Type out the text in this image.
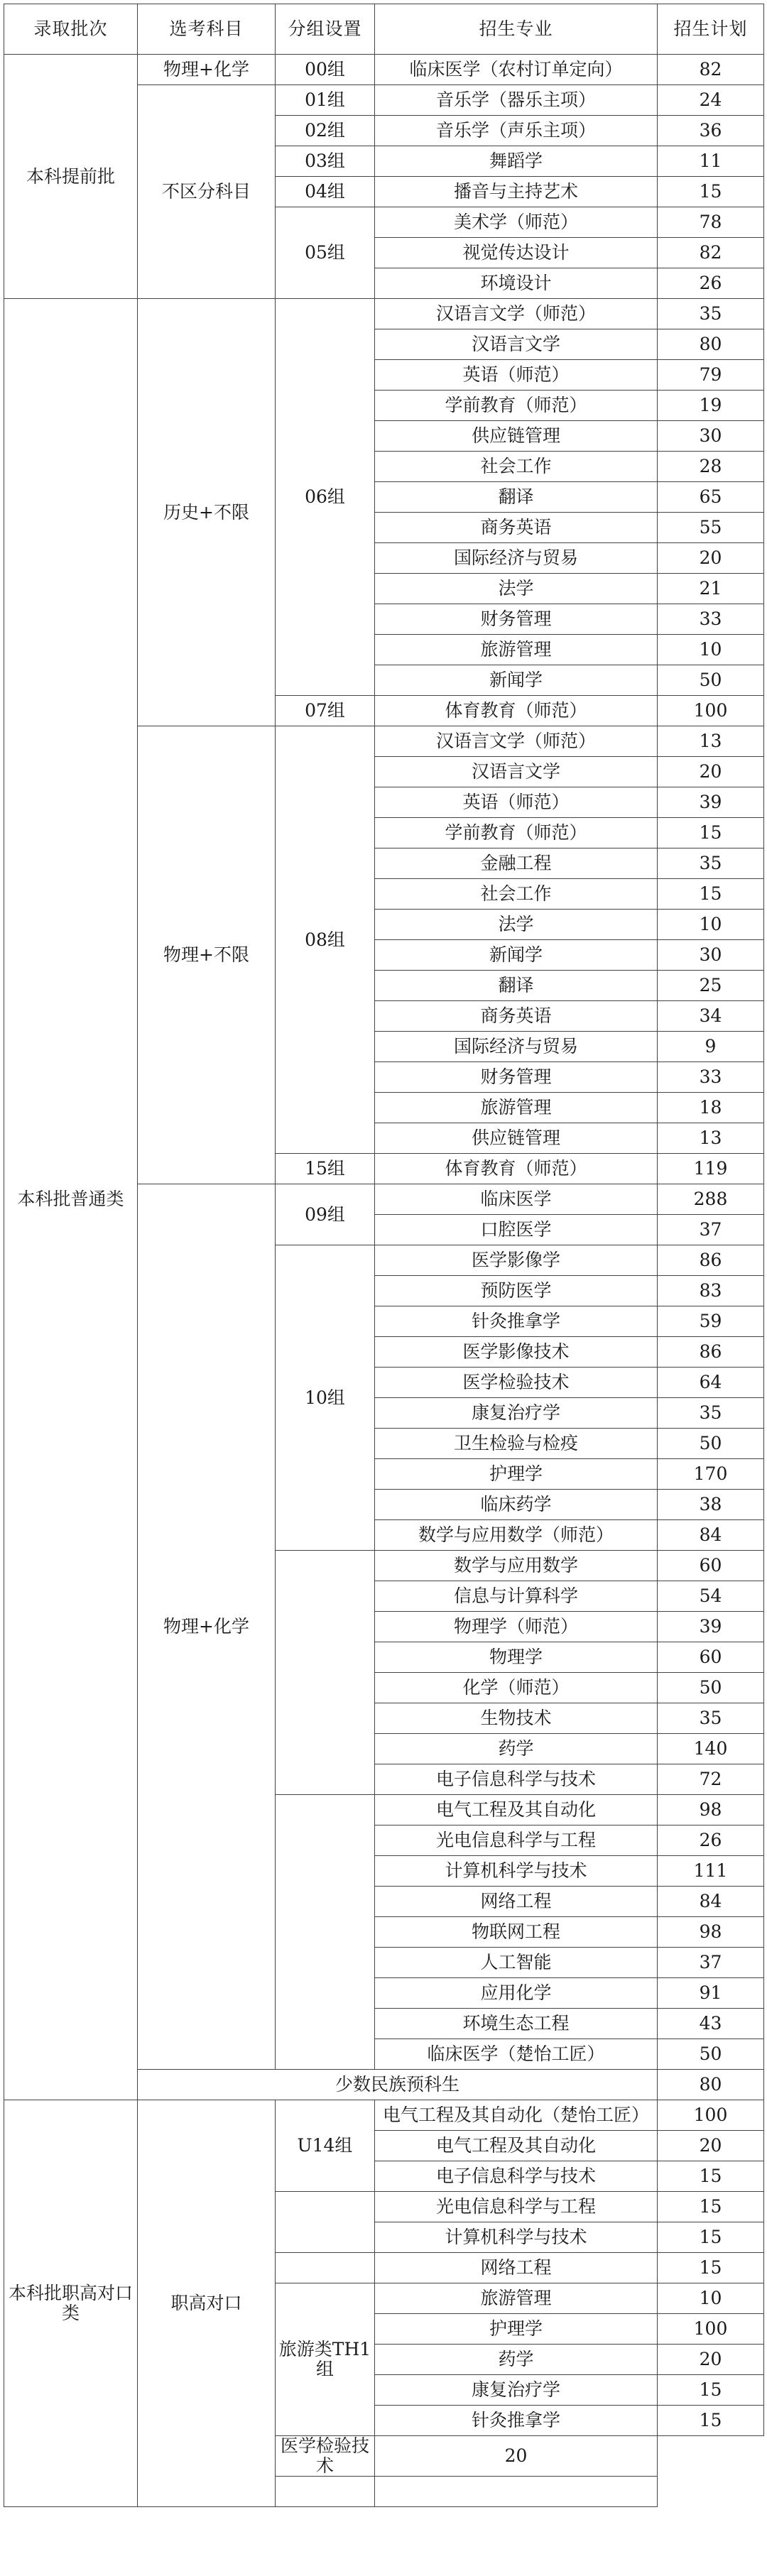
录取批次	选考科目	分组设置	招生专业	招生计划
本科提前批	物理+化学	00组	临床医学（农村订单定向）	82
	不区分科目	01组	音乐学（器乐主项）	24
		02组	音乐学（声乐主项）	36
		03组	舞蹈学	11
		04组	播音与主持艺术	15
		05组	美术学（师范）	78
			视觉传达设计	82
			环境设计	26
本科批普通类	历史+不限	06组	汉语言文学（师范）	35
			汉语言文学	80
			英语（师范）	79
			学前教育（师范）	19
			供应链管理	30
			社会工作	28
			翻译	65
			商务英语	55
			国际经济与贸易	20
			法学	21
			财务管理	33
			旅游管理	10
			新闻学	50
		07组	体育教育（师范）	100
	物理+不限	08组	汉语言文学（师范）	13
			汉语言文学	20
			英语（师范）	39
			学前教育（师范）	15
			金融工程	35
			社会工作	15
			法学	10
			新闻学	30
			翻译	25
			商务英语	34
			国际经济与贸易	9
			财务管理	33
			旅游管理	18
			供应链管理	13
		15组	体育教育（师范）	119
	物理+化学	09组	临床医学	288
			口腔医学	37
		10组	医学影像学	86
			预防医学	83
			针灸推拿学	59
			医学影像技术	86
			医学检验技术	64
			康复治疗学	35
			卫生检验与检疫	50
			护理学	170
			临床药学	38
			数学与应用数学（师范）	84
			数学与应用数学	60
			信息与计算科学	54
			物理学（师范）	39
			物理学	60
			化学（师范）	50
			生物技术	35
			药学	140
			电子信息科学与技术	72
			电气工程及其自动化	98
			光电信息科学与工程	26
			计算机科学与技术	111
			网络工程	84
			物联网工程	98
			人工智能	37
			应用化学	91
			环境生态工程	43
			临床医学（楚怡工匠）	50
	少数民族预科生			80
本科批职高对口类	职高对口	U14组	电气工程及其自动化（楚怡工匠）	100
			电气工程及其自动化	20
			电子信息科学与技术	15
			光电信息科学与工程	15
			计算机科学与技术	15
			网络工程	15
		旅游类TH1组	旅游管理	10
			护理学	100
			药学	20
			康复治疗学	15
			针灸推拿学	15
		医学检验技术	20	
